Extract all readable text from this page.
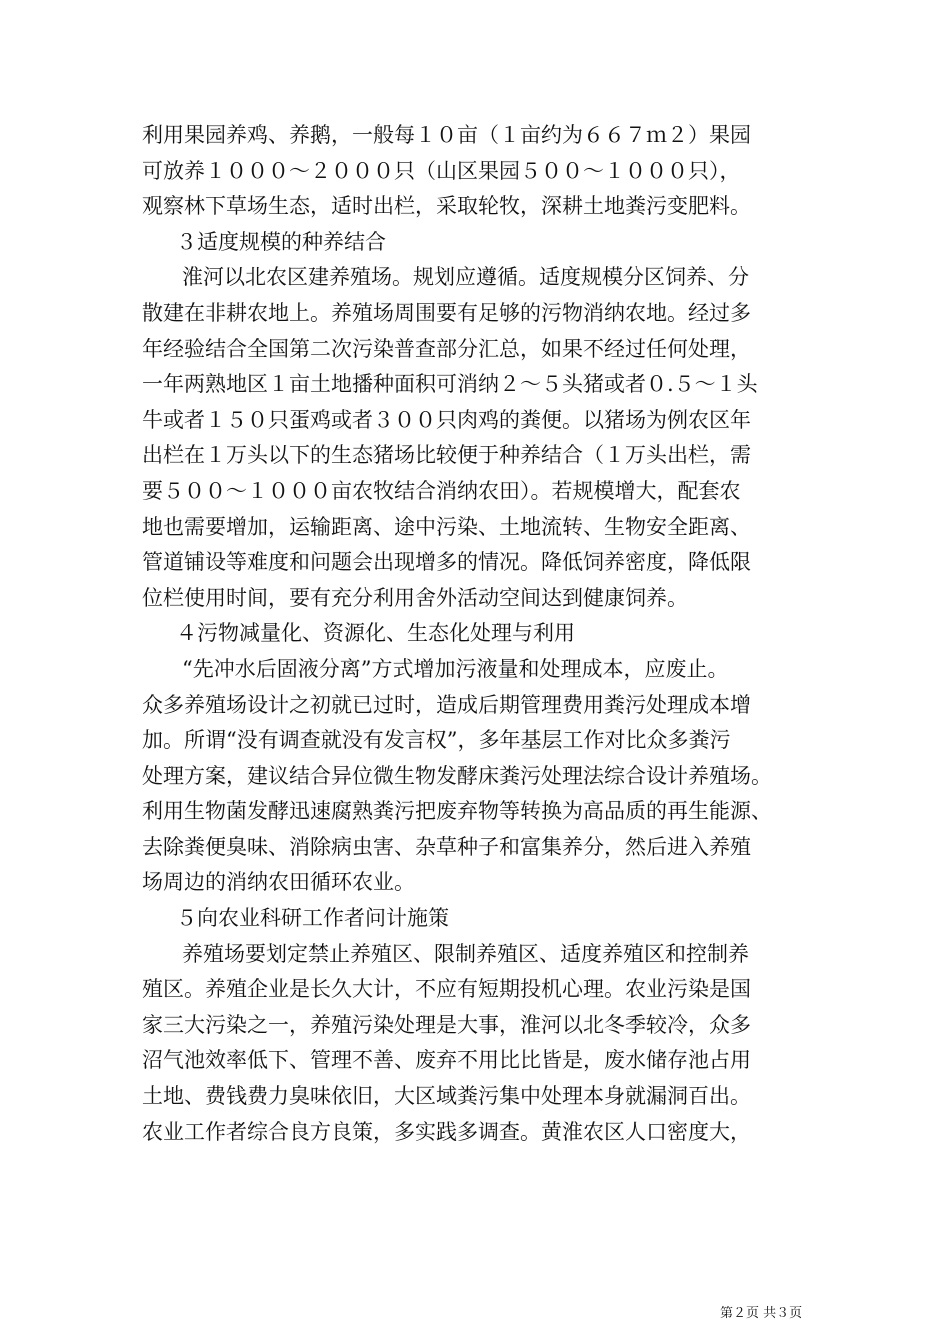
利用果园养鸡、养鹅，一般每１０亩（１亩约为６６７ｍ２）果园
可放养１０００～２０００只（山区果园５００～１０００只），
观察林下草场生态，适时出栏，采取轮牧，深耕土地粪污变肥料。
３适度规模的种养结合
淮河以北农区建养殖场。规划应遵循。适度规模分区饲养、分
散建在非耕农地上。养殖场周围要有足够的污物消纳农地。经过多
年经验结合全国第二次污染普查部分汇总，如果不经过任何处理，
一年两熟地区１亩土地播种面积可消纳２～５头猪或者０.５～１头
牛或者１５０只蛋鸡或者３００只肉鸡的粪便。以猪场为例农区年
出栏在１万头以下的生态猪场比较便于种养结合（１万头出栏，需
要５００～１０００亩农牧结合消纳农田）。若规模增大，配套农
地也需要增加，运输距离、途中污染、土地流转、生物安全距离、
管道铺设等难度和问题会出现增多的情况。降低饲养密度，降低限
位栏使用时间，要有充分利用舍外活动空间达到健康饲养。
４污物减量化、资源化、生态化处理与利用
“先冲水后固液分离”方式增加污液量和处理成本，应废止。
众多养殖场设计之初就已过时，造成后期管理费用粪污处理成本增
加。所谓“没有调查就没有发言权”，多年基层工作对比众多粪污
处理方案，建议结合异位微生物发酵床粪污处理法综合设计养殖场。
利用生物菌发酵迅速腐熟粪污把废弃物等转换为高品质的再生能源、
去除粪便臭味、消除病虫害、杂草种子和富集养分，然后进入养殖
场周边的消纳农田循环农业。
５向农业科研工作者问计施策
养殖场要划定禁止养殖区、限制养殖区、适度养殖区和控制养
殖区。养殖企业是长久大计，不应有短期投机心理。农业污染是国
家三大污染之一，养殖污染处理是大事，淮河以北冬季较冷，众多
沼气池效率低下、管理不善、废弃不用比比皆是，废水储存池占用
土地、费钱费力臭味依旧，大区域粪污集中处理本身就漏洞百出。
农业工作者综合良方良策，多实践多调查。黄淮农区人口密度大，
第２页 共３页
